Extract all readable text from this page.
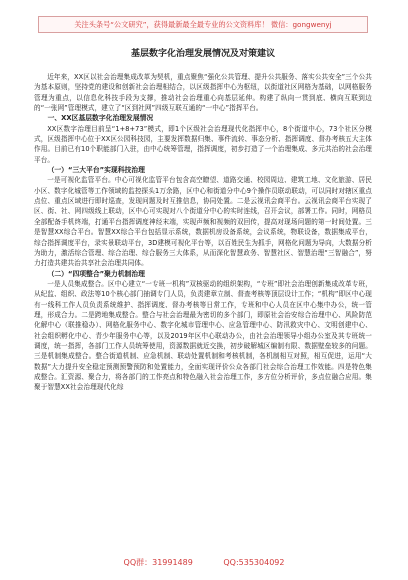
关注头条号“公文研究”，获得最新最全最专业的公文资料库！ 微信：gongwenyj
基层数字化治理发展情况及对策建议

近年来，XX区以社会治理集成改革为契机，重点聚焦“强化公共管理、提升公共服务、落实公共安全”三个公共为基本原则，坚持党的建设和创新社会治理相结合，以区级指挥中心为枢纽，以街道社区网格为基础，以网格服务管理为重点，以信息化科技手段为支撑，推动社会治理重心向基层延伸。构建了纵向一贯到底、横向互联到边的“一张网”管理模式，建立了“区到社网”四级互联互通的“一中心”指挥平台。

一、XX区基层数字化治理发展情况

XX区数字治理目前呈“1+8+73”模式，即1个区级社会治理现代化指挥中心，8个街道中心，73个社区分模式，区级指挥中心位于XX区公园科技园，主要发挥数据归集、事件流转、事态分析、指挥调度、督办考核五大主体作用。目前已有10个职能部门入驻，由中心统筹管理，指挥调度，初步打造了一个治理集成、多元共治的社会治理平台。

（一）“三大平台”实现科技治理

一是可视化监管平台。中心可视化监管平台包含高空瞭望、道路交通、校园周边、建筑工地、文化旅游、居民小区、数字化城管等工作领域的监控探头1万余路，区中心和街道分中心9个操作员联动联动，可以同时对辖区重点点位、重点区域进行即时巡查，发现问题及时互推信息，协同处置。二是云视讯会商平台。云视讯会商平台实现了区、街、社、网四级线上联动，区中心可实现对八个街道分中心的实时连线，召开会议，部署工作。同时，网格员全部配备手机终端，打通平台指挥调度神经末端，实现声频和视频的双回传，提高对现场问题的第一时间处置。三是智慧XX综合平台。智慧XX综合平台包括显示系统，数据机房设备系统，会议系统，物联设备，数据集成平台，综合指挥调度平台，录实景联动平台，3D建模可视化平台等，以百姓民生为抓手，网格化问题为导向，大数据分析为助力，激活综合管理、综合治理、综合服务三大体系，从而深化智慧政务、智慧社区、智慧治理“三智融合”，努力打造共建共治共享社会治理共同体。

（二）“四项整合”聚力机制治理

一是人员集成整合。区中心建立“一专班一机构”双核驱动的组织架构，“专班”即社会治理创新集成改革专班，从纪监、组织、政法等10个核心部门抽调专门人员，负责建章立制、督查考核等顶层设计工作；“机构”即区中心现有一线科工作人员负责系统维护、指挥调度、督办考核等日常工作，专班和中心人员在区中心集中办公，统一管理，形成合力。二是跨地集成整合。整合与社会治理最为密切的多个部门，即原社会治安综合治理中心、风险防范化解中心（联推稳办）、网格化服务中心、数字化城市管理中心、应急管理中心、防汛救灾中心、文明创建中心、社会组织孵化中心、青少年服务中心等，以及2019年区中心联动办公，由社会治理领导小组办公室及其专班统一调度，统一指挥，各部门工作人员统筹使用，资源数据就近交换，初步破解城区编制有限、数据壁垒较多的问题。三是机制集成整合。整合街道机制、应急机制、联动处置机制和考核机制，各机制相互对照，相互促进，运用“大数据”大力提升安全稳定预测预警预防和处置能力，全面实现评价公众各部门社会综合治理工作效能。四是特色集成整合。汇资源、聚合力，将各部门的工作亮点和特色融入社会治理工作，多方位分析评价，多点位融合应用。集聚于智慧XX社会治理现代化综

QQ群：31991489	QQ:535304092
